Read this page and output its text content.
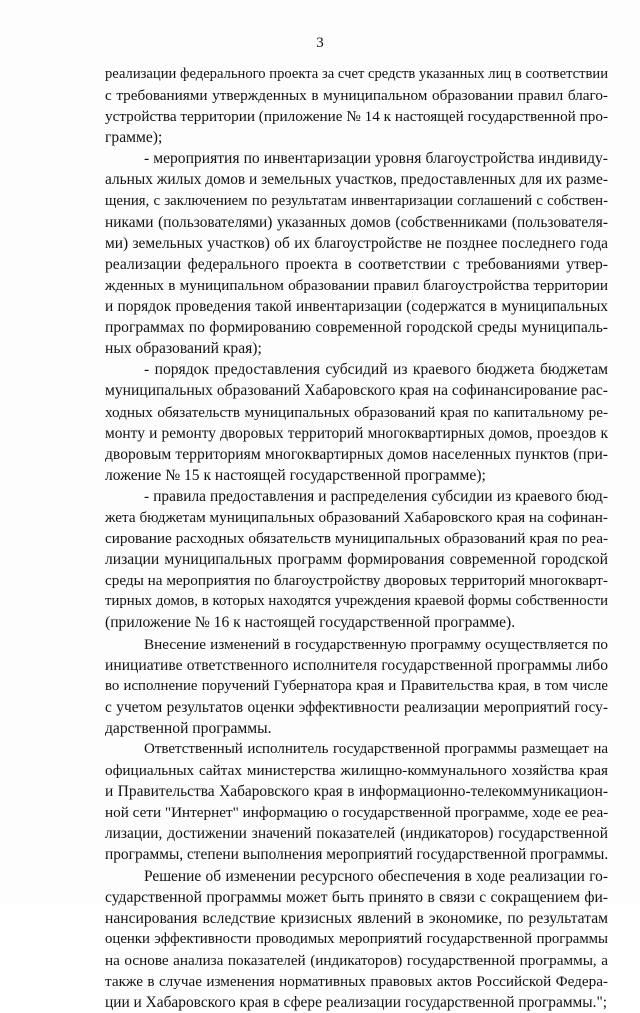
3
реализации федерального проекта за счет средств указанных лиц в соответствии
с требованиями утвержденных в муниципальном образовании правил благо-
устройства территории (приложение № 14 к настоящей государственной про-
грамме);
- мероприятия по инвентаризации уровня благоустройства индивиду-
альных жилых домов и земельных участков, предоставленных для их разме-
щения, с заключением по результатам инвентаризации соглашений с собствен-
никами (пользователями) указанных домов (собственниками (пользователя-
ми) земельных участков) об их благоустройстве не позднее последнего года
реализации федерального проекта в соответствии с требованиями утвер-
жденных в муниципальном образовании правил благоустройства территории
и порядок проведения такой инвентаризации (содержатся в муниципальных
программах по формированию современной городской среды муниципаль-
ных образований края);
- порядок предоставления субсидий из краевого бюджета бюджетам
муниципальных образований Хабаровского края на софинансирование рас-
ходных обязательств муниципальных образований края по капитальному ре-
монту и ремонту дворовых территорий многоквартирных домов, проездов к
дворовым территориям многоквартирных домов населенных пунктов (при-
ложение № 15 к настоящей государственной программе);
- правила предоставления и распределения субсидии из краевого бюд-
жета бюджетам муниципальных образований Хабаровского края на софинан-
сирование расходных обязательств муниципальных образований края по реа-
лизации муниципальных программ формирования современной городской
среды на мероприятия по благоустройству дворовых территорий многокварт-
тирных домов, в которых находятся учреждения краевой формы собственности
(приложение № 16 к настоящей государственной программе).
Внесение изменений в государственную программу осуществляется по
инициативе ответственного исполнителя государственной программы либо
во исполнение поручений Губернатора края и Правительства края, в том числе
с учетом результатов оценки эффективности реализации мероприятий госу-
дарственной программы.
Ответственный исполнитель государственной программы размещает на
официальных сайтах министерства жилищно-коммунального хозяйства края
и Правительства Хабаровского края в информационно-телекоммуникацион-
ной сети "Интернет" информацию о государственной программе, ходе ее реа-
лизации, достижении значений показателей (индикаторов) государственной
программы, степени выполнения мероприятий государственной программы.
Решение об изменении ресурсного обеспечения в ходе реализации го-
сударственной программы может быть принято в связи с сокращением фи-
нансирования вследствие кризисных явлений в экономике, по результатам
оценки эффективности проводимых мероприятий государственной программы
на основе анализа показателей (индикаторов) государственной программы, а
также в случае изменения нормативных правовых актов Российской Федера-
ции и Хабаровского края в сфере реализации государственной программы.";
